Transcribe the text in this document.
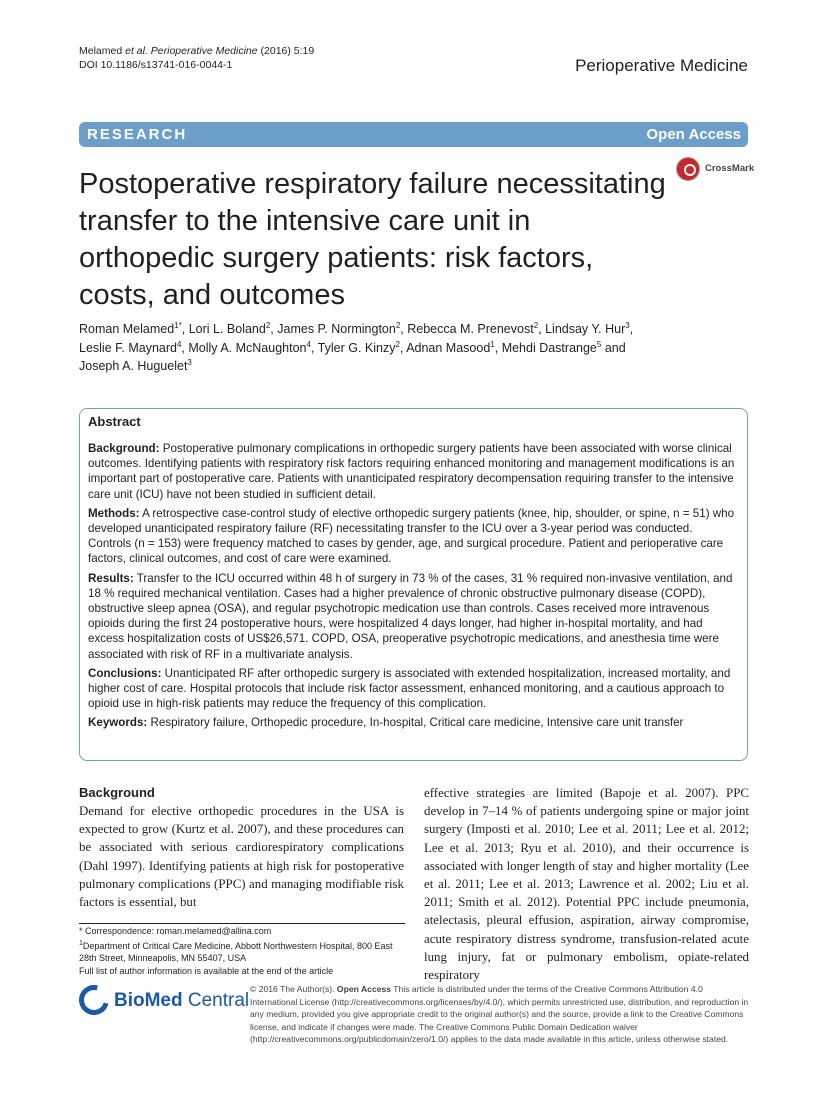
Melamed et al. Perioperative Medicine (2016) 5:19
DOI 10.1186/s13741-016-0044-1	Perioperative Medicine
RESEARCH	Open Access
CrossMark
Postoperative respiratory failure necessitating transfer to the intensive care unit in orthopedic surgery patients: risk factors, costs, and outcomes
Roman Melamed$^{1*}$, Lori L. Boland$^2$, James P. Normington$^2$, Rebecca M. Prenevost$^2$, Lindsay Y. Hur$^3$,
Leslie F. Maynard$^4$, Molly A. McNaughton$^4$, Tyler G. Kinzy$^2$, Adnan Masood$^1$, Mehdi Dastrange$^5$ and
Joseph A. Huguelet$^3$
Abstract

Background: Postoperative pulmonary complications in orthopedic surgery patients have been associated with worse clinical outcomes. Identifying patients with respiratory risk factors requiring enhanced monitoring and management modifications is an important part of postoperative care. Patients with unanticipated respiratory decompensation requiring transfer to the intensive care unit (ICU) have not been studied in sufficient detail.

Methods: A retrospective case-control study of elective orthopedic surgery patients (knee, hip, shoulder, or spine, n = 51) who developed unanticipated respiratory failure (RF) necessitating transfer to the ICU over a 3-year period was conducted. Controls (n = 153) were frequency matched to cases by gender, age, and surgical procedure. Patient and perioperative care factors, clinical outcomes, and cost of care were examined.

Results: Transfer to the ICU occurred within 48 h of surgery in 73 % of the cases, 31 % required non-invasive ventilation, and 18 % required mechanical ventilation. Cases had a higher prevalence of chronic obstructive pulmonary disease (COPD), obstructive sleep apnea (OSA), and regular psychotropic medication use than controls. Cases received more intravenous opioids during the first 24 postoperative hours, were hospitalized 4 days longer, had higher in-hospital mortality, and had excess hospitalization costs of US$26,571. COPD, OSA, preoperative psychotropic medications, and anesthesia time were associated with risk of RF in a multivariate analysis.

Conclusions: Unanticipated RF after orthopedic surgery is associated with extended hospitalization, increased mortality, and higher cost of care. Hospital protocols that include risk factor assessment, enhanced monitoring, and a cautious approach to opioid use in high-risk patients may reduce the frequency of this complication.

Keywords: Respiratory failure, Orthopedic procedure, In-hospital, Critical care medicine, Intensive care unit transfer

Background

Demand for elective orthopedic procedures in the USA is expected to grow (Kurtz et al. 2007), and these procedures can be associated with serious cardiorespiratory complications (Dahl 1997). Identifying patients at high risk for postoperative pulmonary complications (PPC) and managing modifiable risk factors is essential, but

effective strategies are limited (Bapoje et al. 2007). PPC develop in 7–14 % of patients undergoing spine or major joint surgery (Imposti et al. 2010; Lee et al. 2011; Lee et al. 2012; Lee et al. 2013; Ryu et al. 2010), and their occurrence is associated with longer length of stay and higher mortality (Lee et al. 2011; Lee et al. 2013; Lawrence et al. 2002; Liu et al. 2011; Smith et al. 2012). Potential PPC include pneumonia, atelectasis, pleural effusion, aspiration, airway compromise, acute respiratory distress syndrome, transfusion-related acute lung injury, fat or pulmonary embolism, opiate-related respiratory

* Correspondence: roman.melamed@allina.com

$^1$Department of Critical Care Medicine, Abbott Northwestern Hospital, 800 East 28th Street, Minneapolis, MN 55407, USA

Full list of author information is available at the end of the article

BioMed Central
© 2016 The Author(s). Open Access This article is distributed under the terms of the Creative Commons Attribution 4.0 International License (http://creativecommons.org/licenses/by/4.0/), which permits unrestricted use, distribution, and reproduction in any medium, provided you give appropriate credit to the original author(s) and the source, provide a link to the Creative Commons license, and indicate if changes were made. The Creative Commons Public Domain Dedication waiver (http://creativecommons.org/publicdomain/zero/1.0/) applies to the data made available in this article, unless otherwise stated.
